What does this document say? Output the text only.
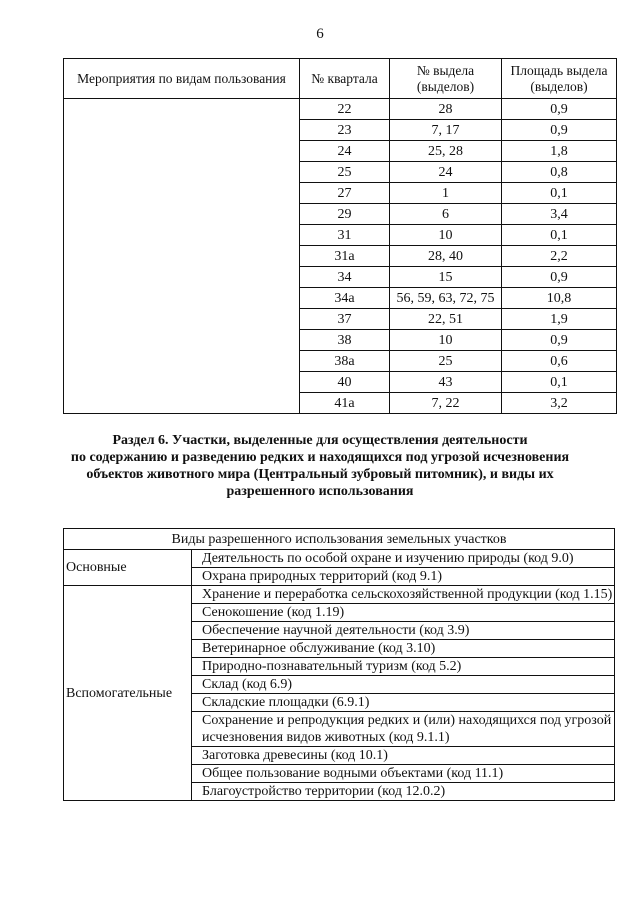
6
Мероприятия по видам пользования	№ квартала	№ выдела (выделов)	Площадь выдела (выделов)
	22	28	0,9
	23	7, 17	0,9
	24	25, 28	1,8
	25	24	0,8
	27	1	0,1
	29	6	3,4
	31	10	0,1
	31а	28, 40	2,2
	34	15	0,9
	34а	56, 59, 63, 72, 75	10,8
	37	22, 51	1,9
	38	10	0,9
	38а	25	0,6
	40	43	0,1
	41а	7, 22	3,2
Раздел 6. Участки, выделенные для осуществления деятельности
по содержанию и разведению редких и находящихся под угрозой исчезновения
объектов животного мира (Центральный зубровый питомник), и виды их
разрешенного использования
Виды разрешенного использования земельных участков	
Основные	Деятельность по особой охране и изучению природы (код 9.0)
	Охрана природных территорий (код 9.1)
Вспомогательные	Хранение и переработка сельскохозяйственной продукции (код 1.15)
	Сенокошение (код 1.19)
	Обеспечение научной деятельности (код 3.9)
	Ветеринарное обслуживание (код 3.10)
	Природно-познавательный туризм (код 5.2)
	Склад (код 6.9)
	Складские площадки (6.9.1)
	Сохранение и репродукция редких и (или) находящихся под угрозой исчезновения видов животных (код 9.1.1)
	Заготовка древесины (код 10.1)
	Общее пользование водными объектами (код 11.1)
	Благоустройство территории (код 12.0.2)
